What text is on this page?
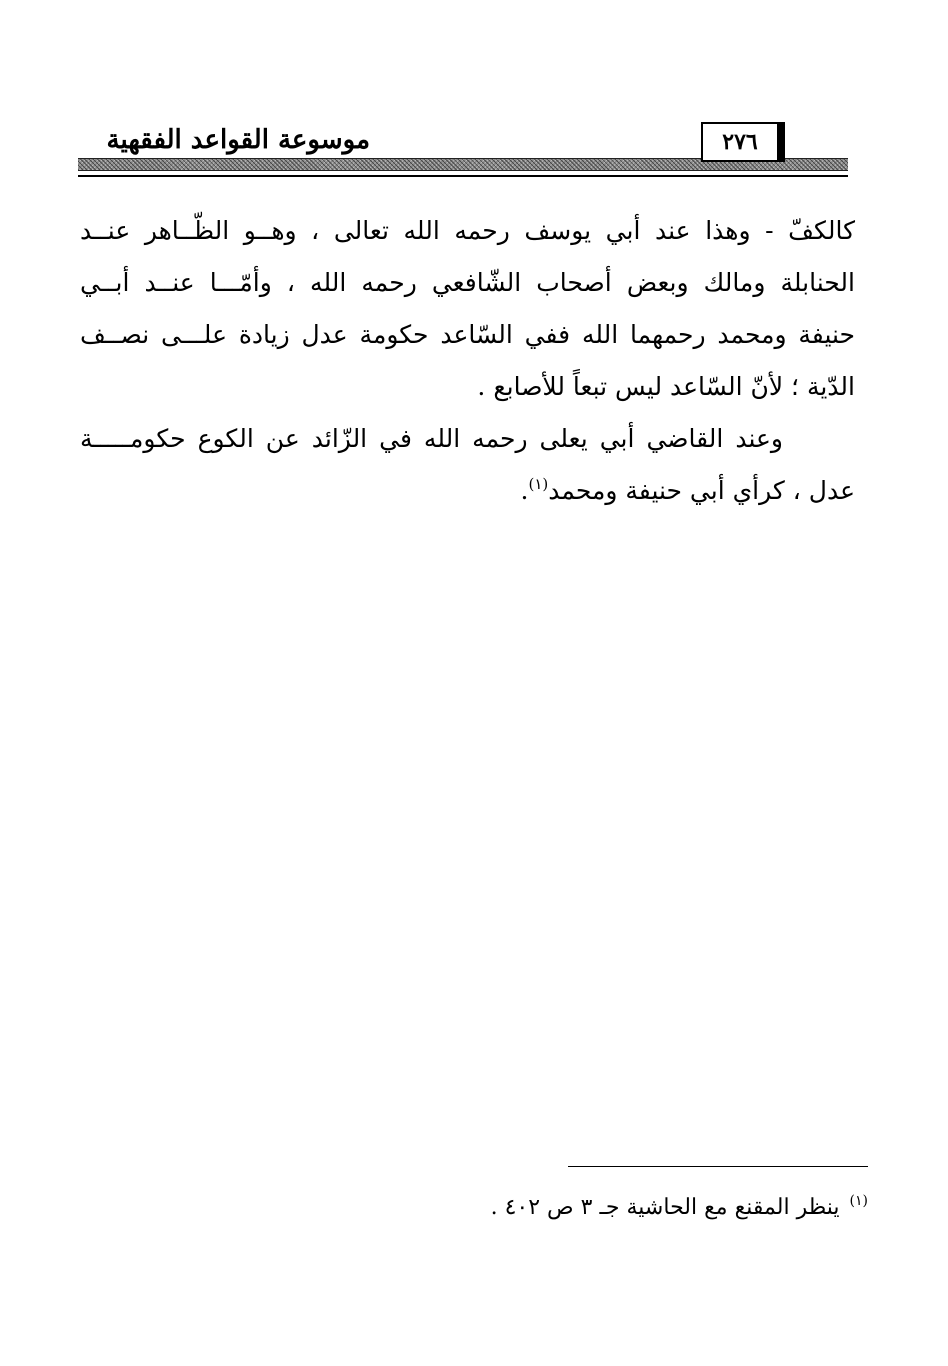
موسوعة القواعد الفقهية	٢٧٦
كالكفّ - وهذا عند أبي يوسف رحمه الله تعالى ، وهــو الظّــاهر عنــد
الحنابلة ومالك وبعض أصحاب الشّافعي رحمه الله ، وأمّـــا عنــد أبــي
حنيفة ومحمد رحمهما الله ففي السّاعد حكومة عدل زيادة علـــى نصــف
الدّية ؛ لأنّ السّاعد ليس تبعاً للأصابع .
وعند القاضي أبي يعلى رحمه الله في الزّائد عن الكوع حكومـــــة
عدل ، كرأي أبي حنيفة ومحمد$^{(١)}$.
$^{(١)}$ينظر المقنع مع الحاشية جـ ٣ ص ٤٠٢ .
